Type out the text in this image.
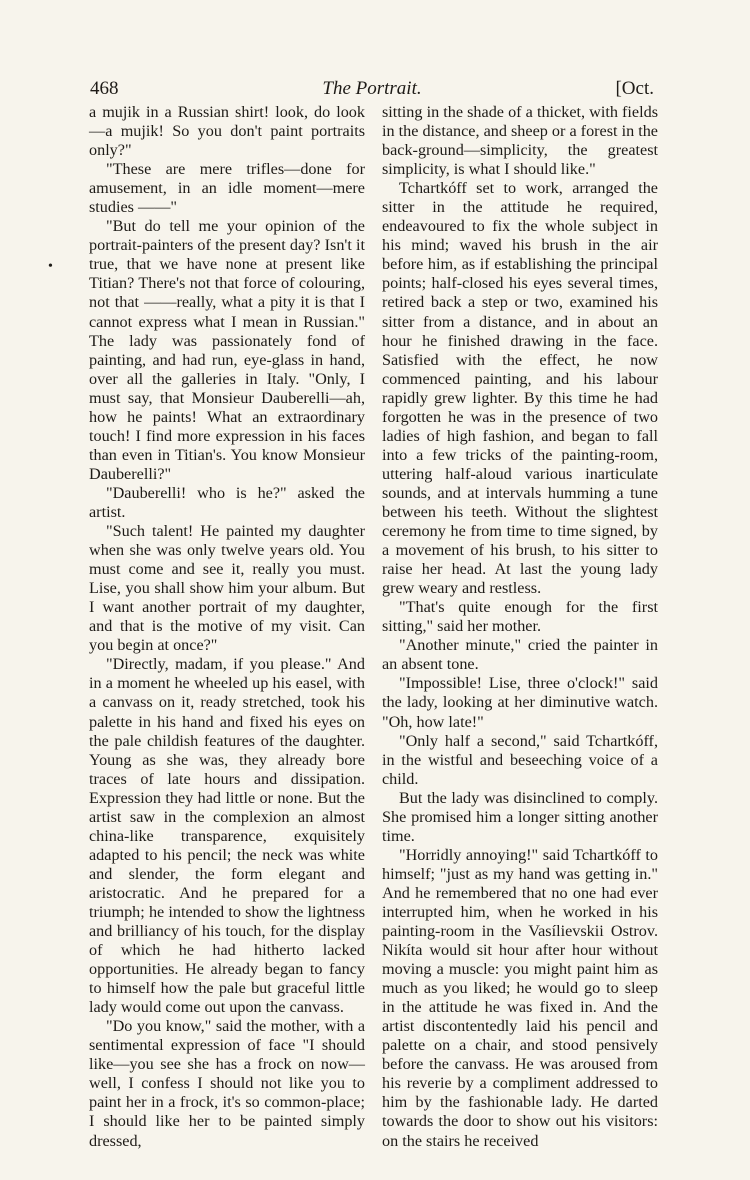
468	The Portrait.	[Oct.
•

a mujik in a Russian shirt! look, do look—a mujik! So you don't paint portraits only?"

"These are mere trifles—done for amusement, in an idle moment—mere studies ——"

"But do tell me your opinion of the portrait-painters of the present day? Isn't it true, that we have none at present like Titian? There's not that force of colouring, not that ——really, what a pity it is that I cannot express what I mean in Russian." The lady was passionately fond of painting, and had run, eye-glass in hand, over all the galleries in Italy. "Only, I must say, that Monsieur Dauberelli—ah, how he paints! What an extraordinary touch! I find more expression in his faces than even in Titian's. You know Monsieur Dauberelli?"

"Dauberelli! who is he?" asked the artist.

"Such talent! He painted my daughter when she was only twelve years old. You must come and see it, really you must. Lise, you shall show him your album. But I want another portrait of my daughter, and that is the motive of my visit. Can you begin at once?"

"Directly, madam, if you please." And in a moment he wheeled up his easel, with a canvass on it, ready stretched, took his palette in his hand and fixed his eyes on the pale childish features of the daughter. Young as she was, they already bore traces of late hours and dissipation. Expression they had little or none. But the artist saw in the complexion an almost china-like transparence, exquisitely adapted to his pencil; the neck was white and slender, the form elegant and aristocratic. And he prepared for a triumph; he intended to show the lightness and brilliancy of his touch, for the display of which he had hitherto lacked opportunities. He already began to fancy to himself how the pale but graceful little lady would come out upon the canvass.

"Do you know," said the mother, with a sentimental expression of face "I should like—you see she has a frock on now—well, I confess I should not like you to paint her in a frock, it's so common-place; I should like her to be painted simply dressed,

sitting in the shade of a thicket, with fields in the distance, and sheep or a forest in the back-ground—simplicity, the greatest simplicity, is what I should like."

Tchartkóff set to work, arranged the sitter in the attitude he required, endeavoured to fix the whole subject in his mind; waved his brush in the air before him, as if establishing the principal points; half-closed his eyes several times, retired back a step or two, examined his sitter from a distance, and in about an hour he finished drawing in the face. Satisfied with the effect, he now commenced painting, and his labour rapidly grew lighter. By this time he had forgotten he was in the presence of two ladies of high fashion, and began to fall into a few tricks of the painting-room, uttering half-aloud various inarticulate sounds, and at intervals humming a tune between his teeth. Without the slightest ceremony he from time to time signed, by a movement of his brush, to his sitter to raise her head. At last the young lady grew weary and restless.

"That's quite enough for the first sitting," said her mother.

"Another minute," cried the painter in an absent tone.

"Impossible! Lise, three o'clock!" said the lady, looking at her diminutive watch. "Oh, how late!"

"Only half a second," said Tchartkóff, in the wistful and beseeching voice of a child.

But the lady was disinclined to comply. She promised him a longer sitting another time.

"Horridly annoying!" said Tchartkóff to himself; "just as my hand was getting in." And he remembered that no one had ever interrupted him, when he worked in his painting-room in the Vasílievskii Ostrov. Nikíta would sit hour after hour without moving a muscle: you might paint him as much as you liked; he would go to sleep in the attitude he was fixed in. And the artist discontentedly laid his pencil and palette on a chair, and stood pensively before the canvass. He was aroused from his reverie by a compliment addressed to him by the fashionable lady. He darted towards the door to show out his visitors: on the stairs he received
